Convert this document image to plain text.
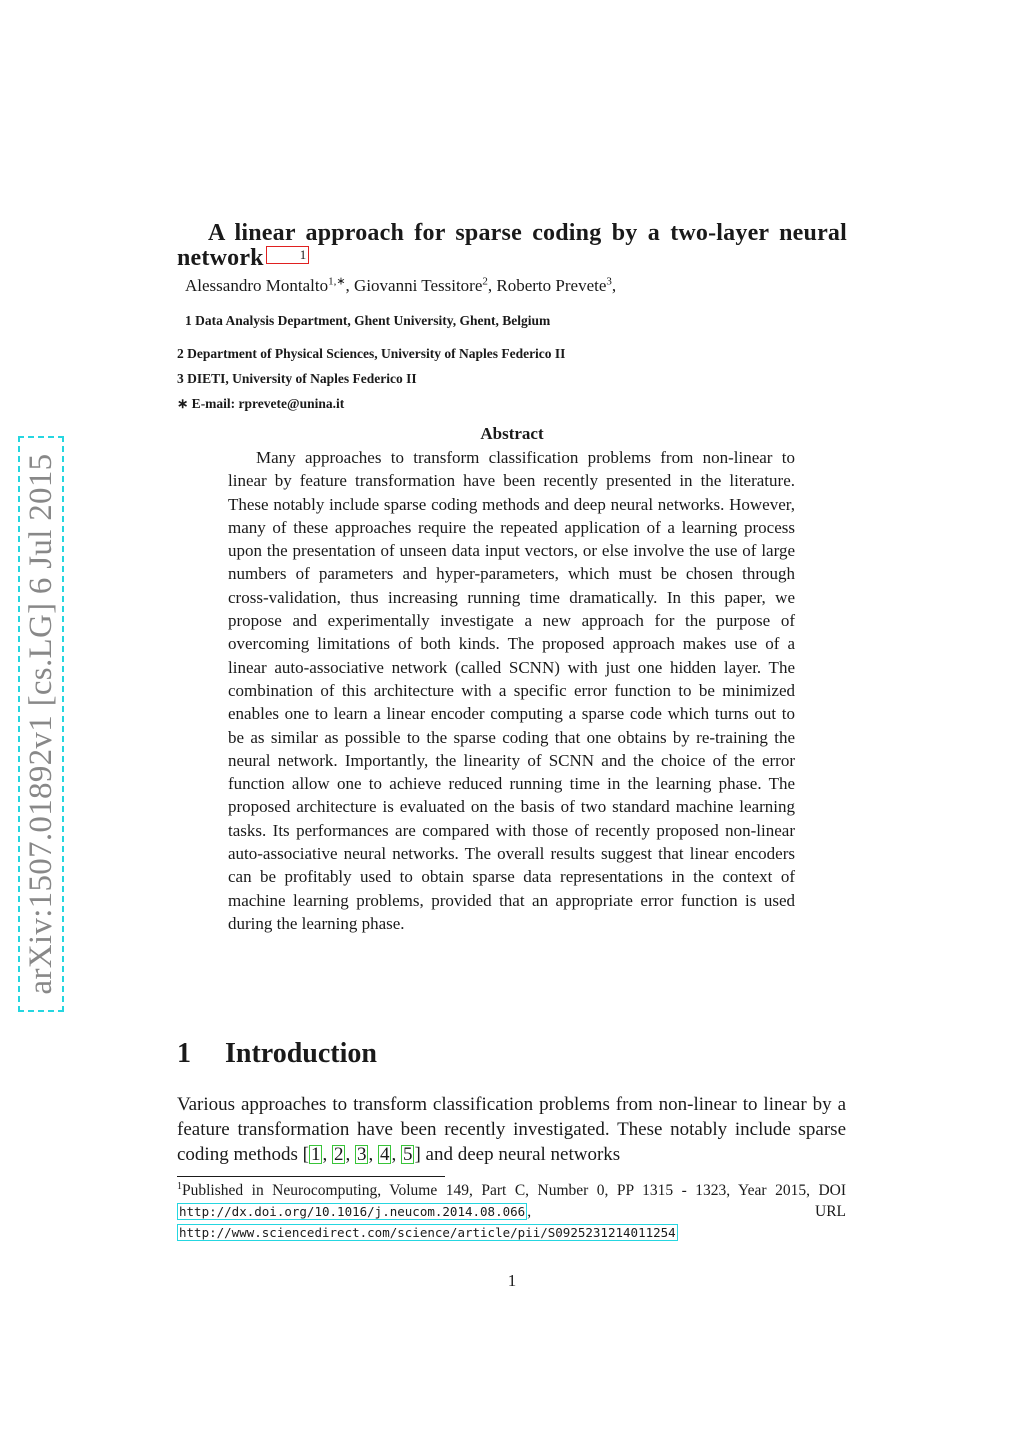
arXiv:1507.01892v1 [cs.LG] 6 Jul 2015
A linear approach for sparse coding by a two-layer neural network	1
Alessandro Montalto$^{1,∗}$, Giovanni Tessitore$^2$, Roberto Prevete$^3$,
1 Data Analysis Department, Ghent University, Ghent, Belgium
2 Department of Physical Sciences, University of Naples Federico II
3 DIETI, University of Naples Federico II
∗ E-mail: rprevete@unina.it
Abstract
Many approaches to transform classification problems from non-linear to linear by feature transformation have been recently presented in the literature. These notably include sparse coding methods and deep neural networks. However, many of these approaches require the repeated application of a learning process upon the presentation of unseen data input vectors, or else involve the use of large numbers of parameters and hyper-parameters, which must be chosen through cross-validation, thus increasing running time dramatically. In this paper, we propose and experimentally investigate a new approach for the purpose of overcoming limitations of both kinds. The proposed approach makes use of a linear auto-associative network (called SCNN) with just one hidden layer. The combination of this architecture with a specific error function to be minimized enables one to learn a linear encoder computing a sparse code which turns out to be as similar as possible to the sparse coding that one obtains by re-training the neural network. Importantly, the linearity of SCNN and the choice of the error function allow one to achieve reduced running time in the learning phase. The proposed architecture is evaluated on the basis of two standard machine learning tasks. Its performances are compared with those of recently proposed non-linear auto-associative neural networks. The overall results suggest that linear encoders can be profitably used to obtain sparse data representations in the context of machine learning problems, provided that an appropriate error function is used during the learning phase.
1 Introduction
Various approaches to transform classification problems from non-linear to linear by a feature transformation have been recently investigated. These notably include sparse coding methods [ 1 , 2 , 3 , 4 , 5 ] and deep neural networks
$^1$Published in Neurocomputing, Volume 149, Part C, Number 0, PP 1315 - 1323, Year 2015, DOI http://dx.doi.org/10.1016/j.neucom.2014.08.066 , URL http://www.sciencedirect.com/science/article/pii/S0925231214011254
1
